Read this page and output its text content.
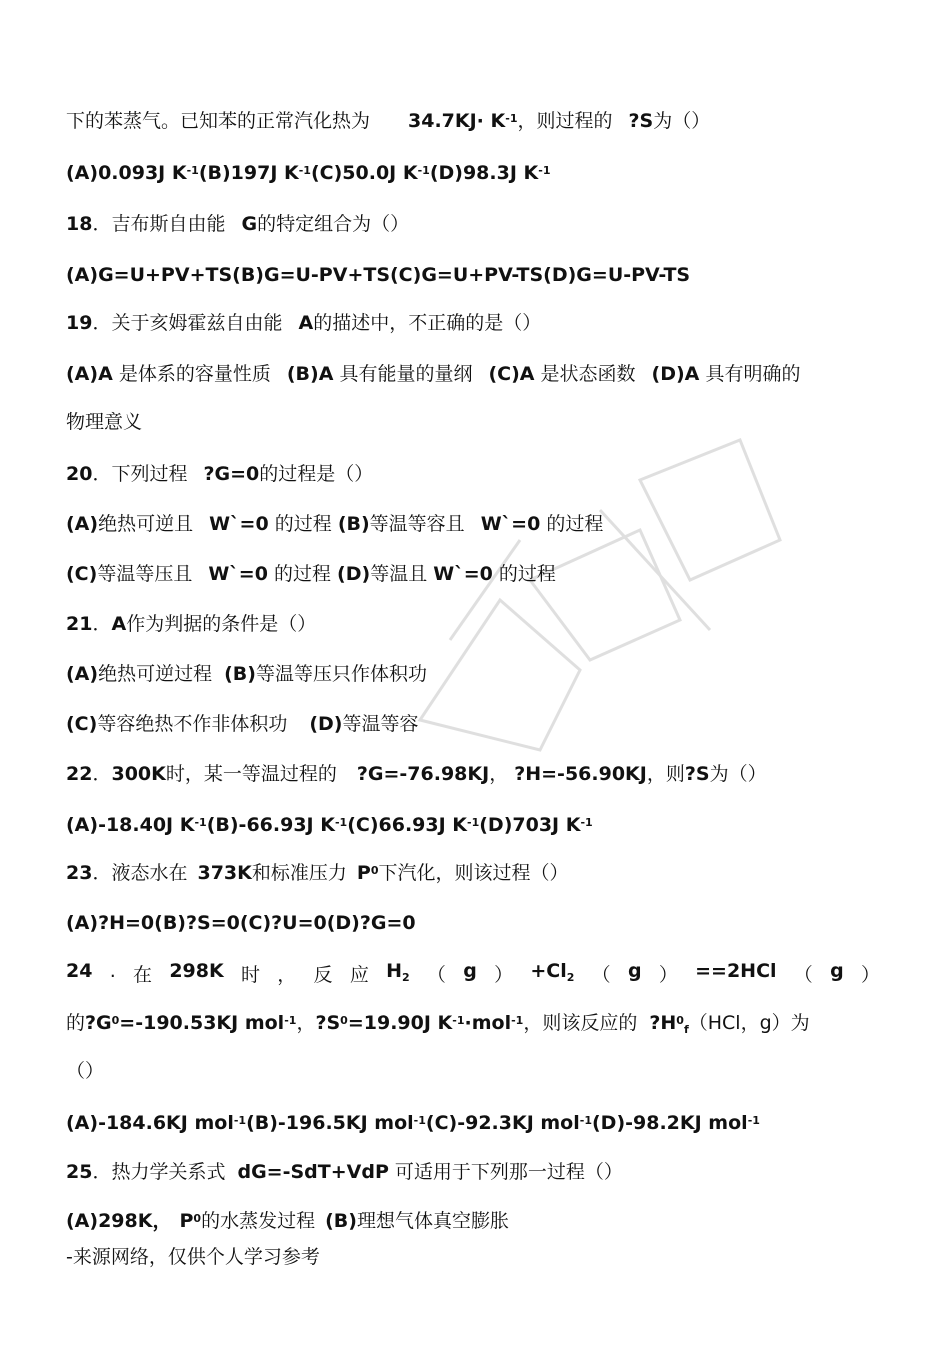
下的苯蒸气。已知苯的正常汽化热为 $34.7KJ\cdot K^{-1}$，则过程的 ?S为（）
(A)0.093J $K^{-1}(B)197J$ $K^{-1}(C)50.0J$ $K^{-1}(D)98.3J$ $K^{-1}$
18．吉布斯自由能 G的特定组合为（）
(A)G=U+PV+TS(B)G=U-PV+TS(C)G=U+PV-TS(D)G=U-PV-TS
19．关于亥姆霍兹自由能 A的描述中，不正确的是（）
(A)A 是体系的容量性质 (B)A 具有能量的量纲 (C)A 是状态函数 (D)A 具有明确的
物理意义
20．下列过程 ?G=0的过程是（）
(A)绝热可逆且 W`=0 的过程 (B)等温等容且 W`=0 的过程
(C)等温等压且 W`=0 的过程 (D)等温且 W`=0 的过程
21．A作为判据的条件是（）
(A)绝热可逆过程 (B)等温等压只作体积功
(C)等容绝热不作非体积功 (D)等温等容
22．300K时，某一等温过程的 ?G=-76.98KJ， ?H=-56.90KJ，则?S为（）
(A)-18.40J $K^{-1}(B)-66.93J$ $K^{-1}(C)66.93J$ $K^{-1}(D)703J$ $K^{-1}$
23．液态水在 373K和标准压力 $P^0$下汽化，则该过程（）
(A)?H=0(B)?S=0(C)?U=0(D)?G=0
24 . 在 298K 时 ， 反 应 $H_2$ （ g ） $+Cl_2$ （ g ） ==2HCl （ g ）
的$?G^0=-190.53KJ$ mol$^{-1}$，$?S^0=19.90J$ $K^{-1}\cdot mol^{-1}$，则该反应的 $?H^0_f(HCl$，g）为
（）
(A)-184.6KJ mol$^{-1}$(B)-196.5KJ mol$^{-1}$(C)-92.3KJ mol$^{-1}$(D)-98.2KJ mol$^{-1}$
25．热力学关系式 dG=-SdT+VdP 可适用于下列那一过程（）
(A)298K， $P^0$的水蒸发过程 (B)理想气体真空膨胀
-来源网络，仅供个人学习参考
